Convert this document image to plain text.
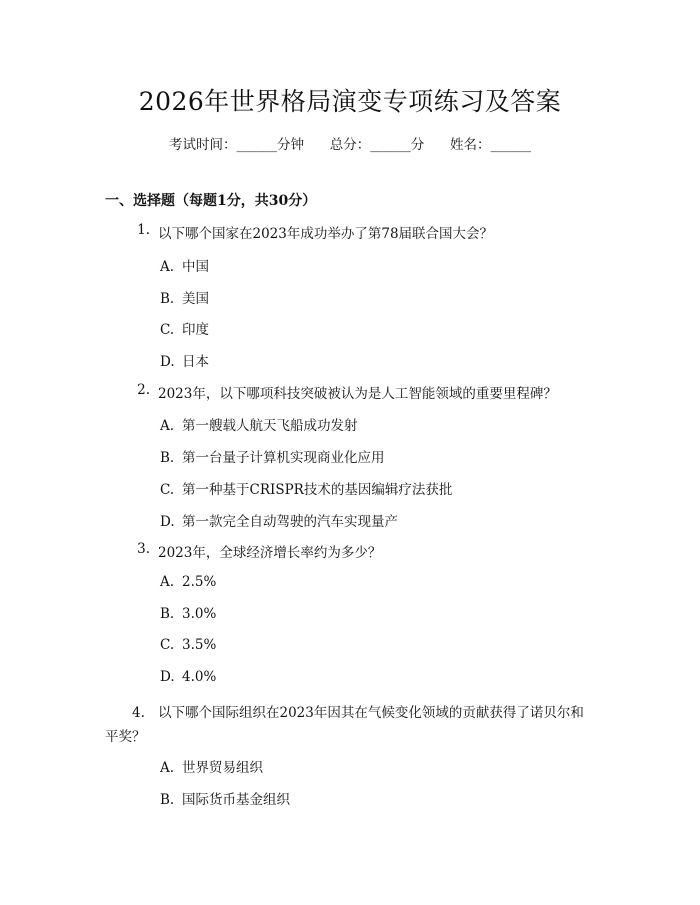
2026年世界格局演变专项练习及答案
考试时间：______分钟 总分：______分 姓名：______
一、选择题（每题1分，共30分）
1. 以下哪个国家在2023年成功举办了第78届联合国大会？
A. 中国
B. 美国
C. 印度
D. 日本
2. 2023年，以下哪项科技突破被认为是人工智能领域的重要里程碑？
A. 第一艘载人航天飞船成功发射
B. 第一台量子计算机实现商业化应用
C. 第一种基于CRISPR技术的基因编辑疗法获批
D. 第一款完全自动驾驶的汽车实现量产
3. 2023年，全球经济增长率约为多少？
A. 2.5%
B. 3.0%
C. 3.5%
D. 4.0%
4. 以下哪个国际组织在2023年因其在气候变化领域的贡献获得了诺贝尔和
平奖？
A. 世界贸易组织
B. 国际货币基金组织
